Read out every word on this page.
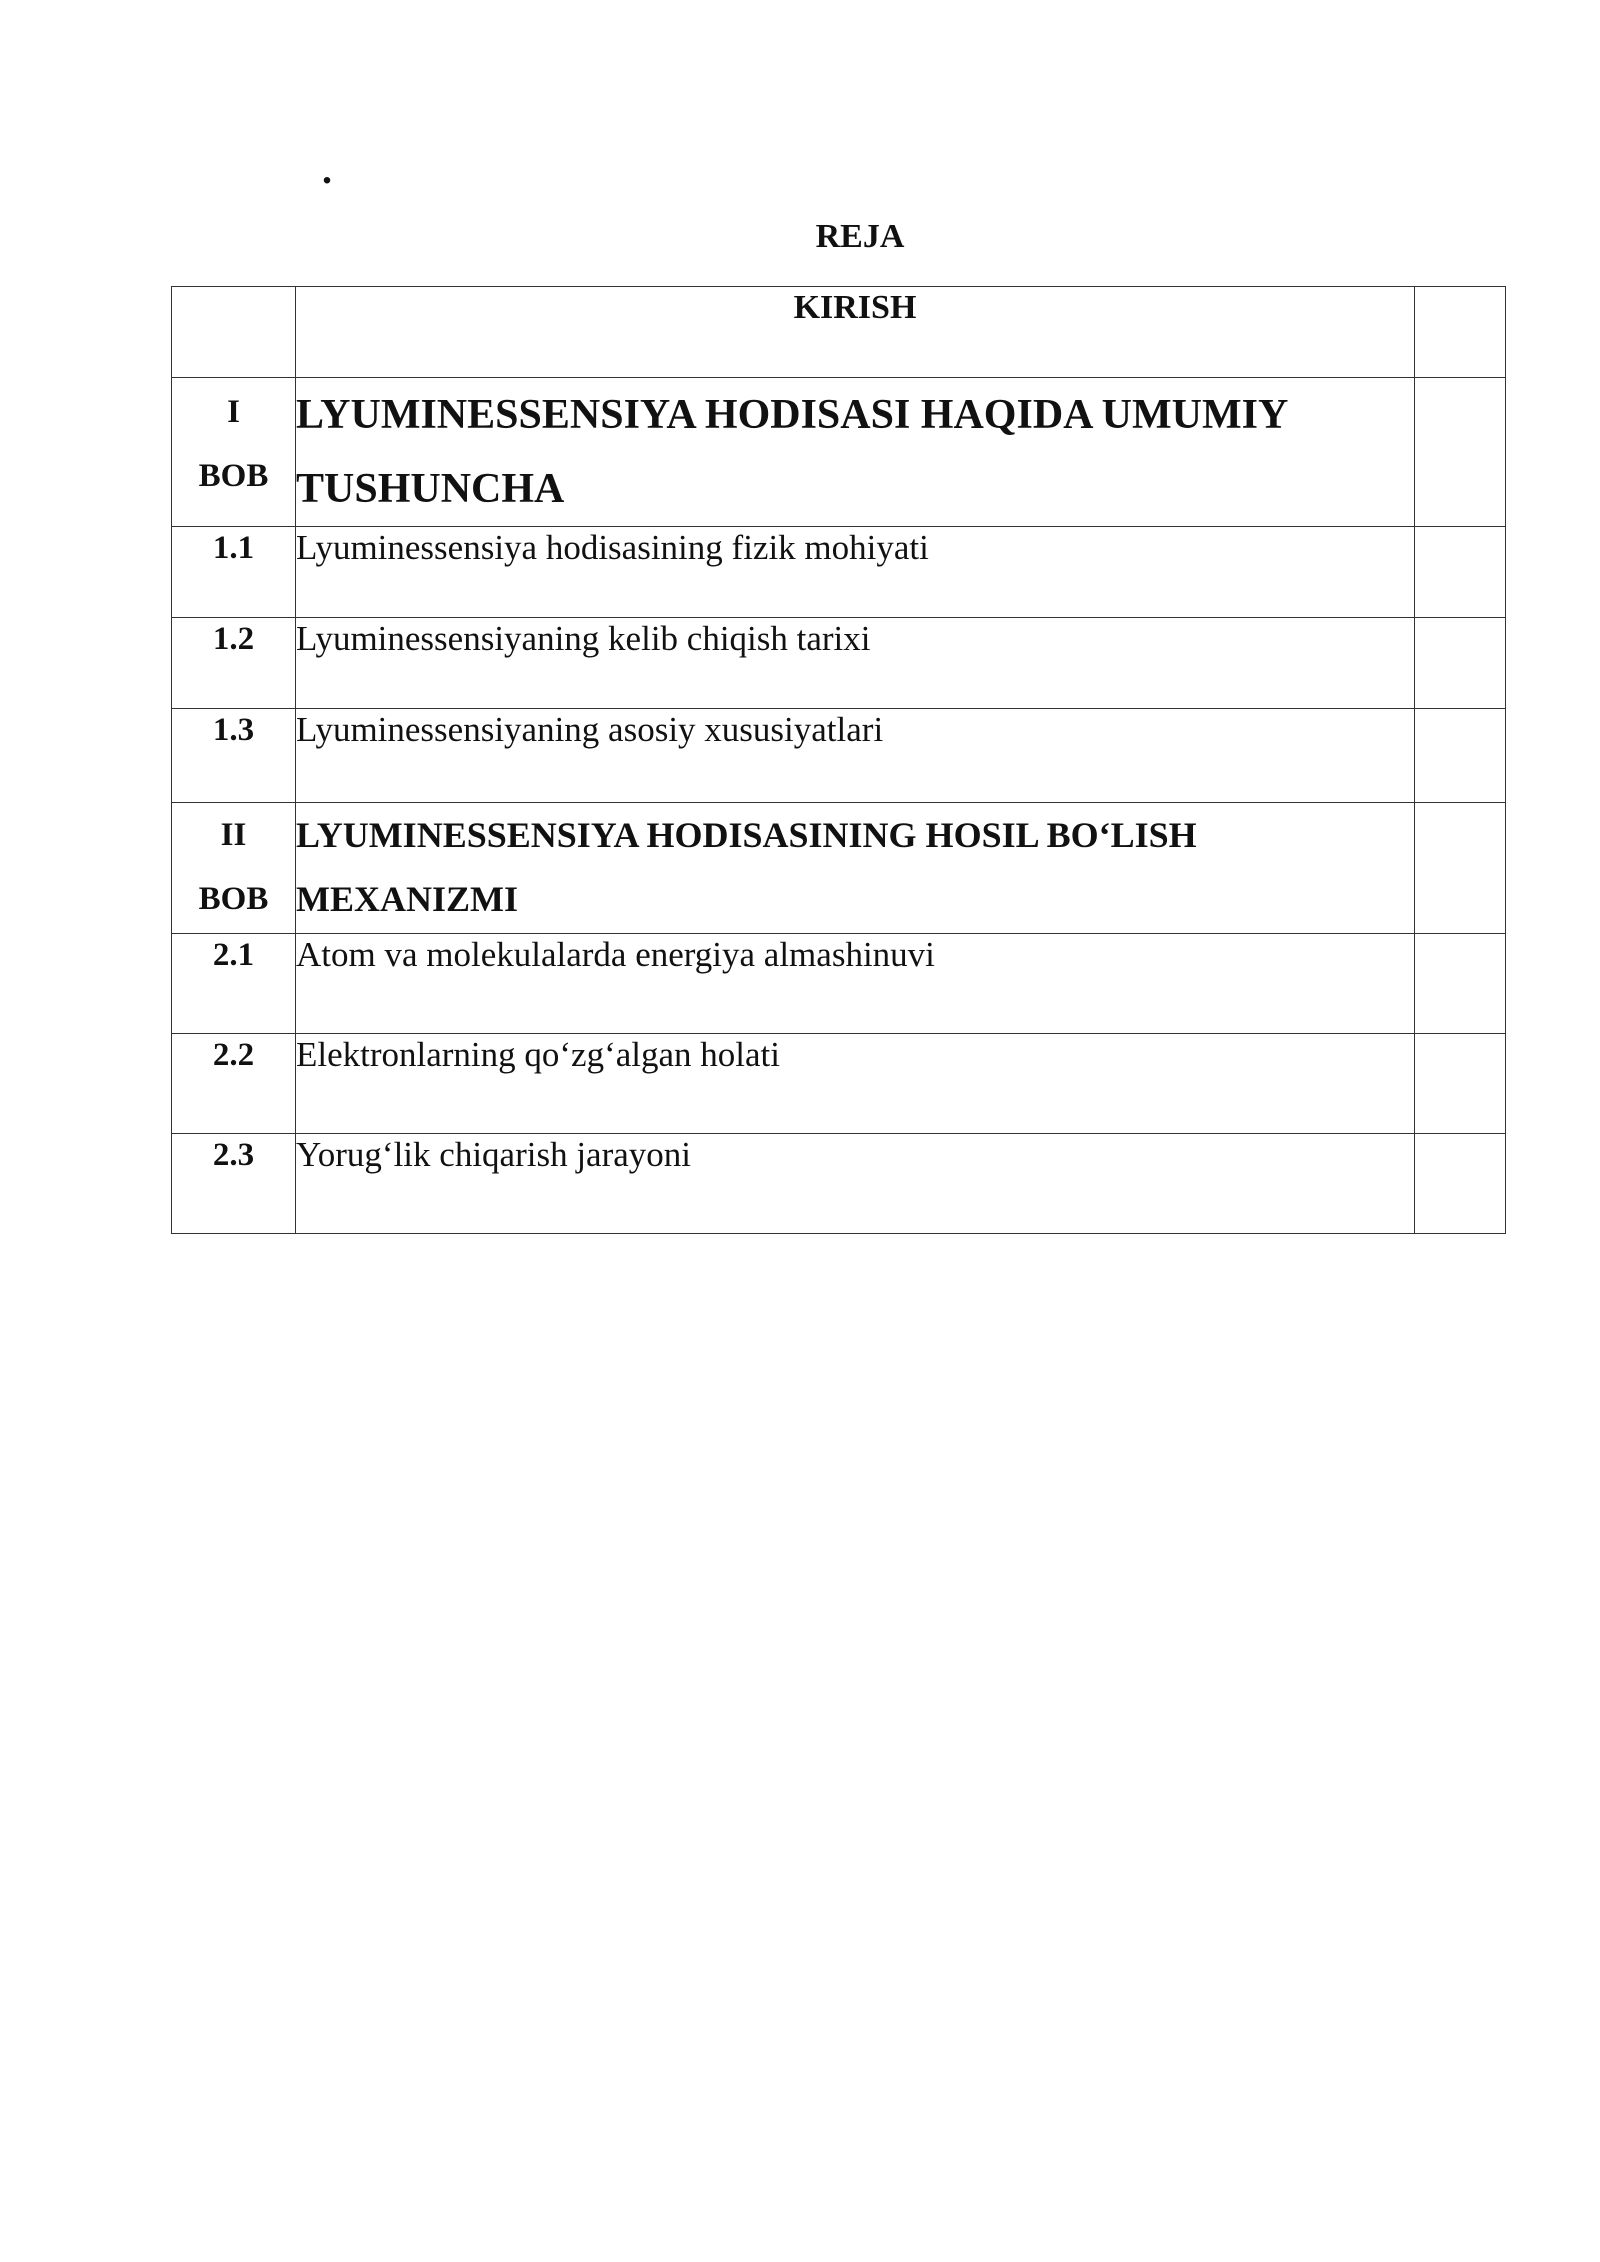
.
REJA
	KIRISH	

I
BOB	LYUMINESSENSIYA HODISASI HAQIDA UMUMIY TUSHUNCHA	
1.1	Lyuminessensiya hodisasining fizik mohiyati	
1.2	Lyuminessensiyaning kelib chiqish tarixi	
1.3	Lyuminessensiyaning asosiy xususiyatlari	

II
BOB	LYUMINESSENSIYA HODISASINING HOSIL BO‘LISH MEXANIZMI	
2.1	Atom va molekulalarda energiya almashinuvi	
2.2	Elektronlarning qo‘zg‘algan holati	
2.3	Yorug‘lik chiqarish jarayoni	
